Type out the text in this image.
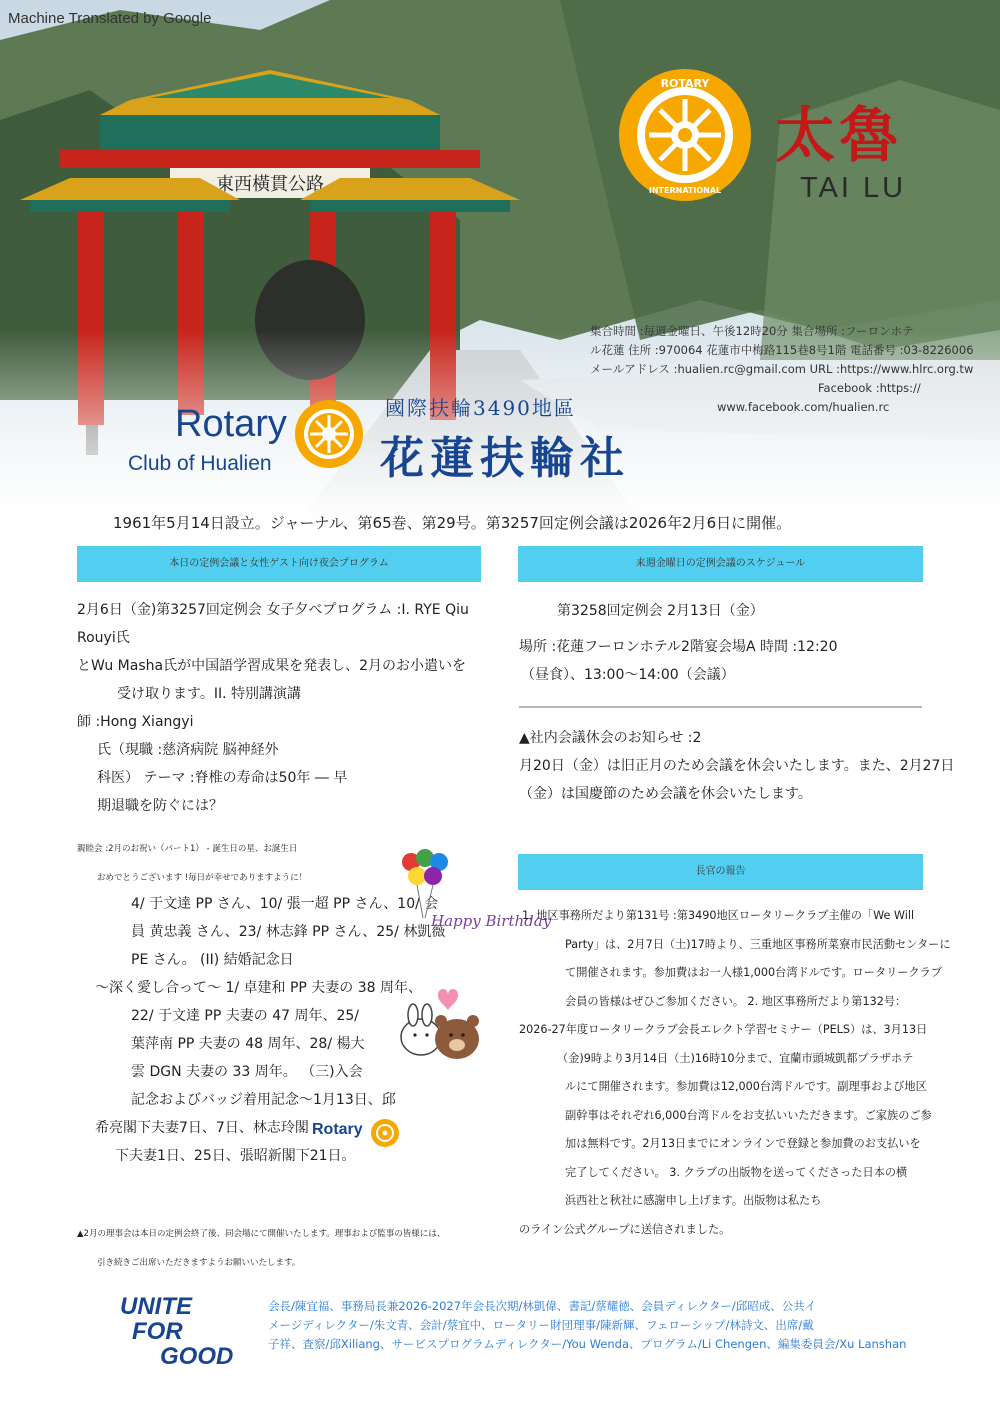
東西橫貫公路
Machine Translated by Google
ROTARY
INTERNATIONAL
太魯
TAI LU
集合時間 :毎週金曜日、午後12時20分 集合場所 :フーロンホテ
ル花蓮 住所 :970064 花蓮市中梅路115巷8号1階 電話番号 :03-8226006
メールアドレス :hualien.rc@gmail.com URL :https://www.hlrc.org.tw
Facebook :https://
www.facebook.com/hualien.rc
Rotary
Club of Hualien
國際扶輪3490地區
花蓮扶輪社
1961年5月14日設立。ジャーナル、第65巻、第29号。第3257回定例会議は2026年2月6日に開催。
本日の定例会議と女性ゲスト向け夜会プログラム
2月6日（金)第3257回定例会 女子夕べプログラム :I. RYE Qiu
Rouyi氏
とWu Masha氏が中国語学習成果を発表し、2月のお小遣いを
受け取ります。II. 特別講演講
師 :Hong Xiangyi
氏（現職 :慈済病院 脳神経外
科医） テーマ :脊椎の寿命は50年 ― 早
期退職を防ぐには？
親睦会 :2月のお祝い（パート1） - 誕生日の星、お誕生日
おめでとうございます !毎日が幸せでありますように！
4/ 于文達 PP さん、10/ 張一超 PP さん、10/ 会
員 黄忠義 さん、23/ 林志鋒 PP さん、25/ 林凱薇
PE さん。 (II) 結婚記念日
～深く愛し合って～ 1/ 卓建和 PP 夫妻の 38 周年、
22/ 于文達 PP 夫妻の 47 周年、25/
葉萍南 PP 夫妻の 48 周年、28/ 楊大
雲 DGN 夫妻の 33 周年。 （三)入会
記念およびバッジ着用記念～1月13日、邱
希亮閣下夫妻7日、7日、林志玲閣
下夫妻1日、25日、張昭新閣下21日。
Happy Birthday
Rotary
▲2月の理事会は本日の定例会終了後、同会場にて開催いたします。理事および監事の皆様には、
引き続きご出席いただきますようお願いいたします。
来週金曜日の定例会議のスケジュール
第3258回定例会 2月13日（金）
場所 :花蓮フーロンホテル2階宴会場A 時間 :12:20
（昼食）、13:00～14:00（会議）
▲社内会議休会のお知らせ :2
月20日（金）は旧正月のため会議を休会いたします。また、2月27日
（金）は国慶節のため会議を休会いたします。
長官の報告
1. 地区事務所だより第131号 :第3490地区ロータリークラブ主催の「We Will
Party」は、2月7日（土)17時より、三重地区事務所菜寮市民活動センターに
て開催されます。参加費はお一人様1,000台湾ドルです。ロータリークラブ
会員の皆様はぜひご参加ください。 2. 地区事務所だより第132号：
2026-27年度ロータリークラブ会長エレクト学習セミナー（PELS）は、3月13日
（金)9時より3月14日（土)16時10分まで、宜蘭市頭城凱都プラザホテ
ルにて開催されます。参加費は12,000台湾ドルです。副理事および地区
副幹事はそれぞれ6,000台湾ドルをお支払いいただきます。ご家族のご参
加は無料です。2月13日までにオンラインで登録と参加費のお支払いを
完了してください。 3. クラブの出版物を送ってくださった日本の横
浜西社と秋社に感謝申し上げます。出版物は私たち
のライン公式グループに送信されました。
UNITE
FOR
GOOD
会長/陳宜福、事務局長兼2026-2027年会長次期/林凱偉、書記/蔡耀徳、会員ディレクター/邱昭成、公共イ
メージディレクター/朱文青、会計/蔡宜中、ロータリー財団理事/陳新輝、フェローシップ/林詩文、出席/戴
子祥、査察/邱Xiliang、サービスプログラムディレクター/You Wenda、プログラム/Li Chengen、編集委員会/Xu Lanshan
